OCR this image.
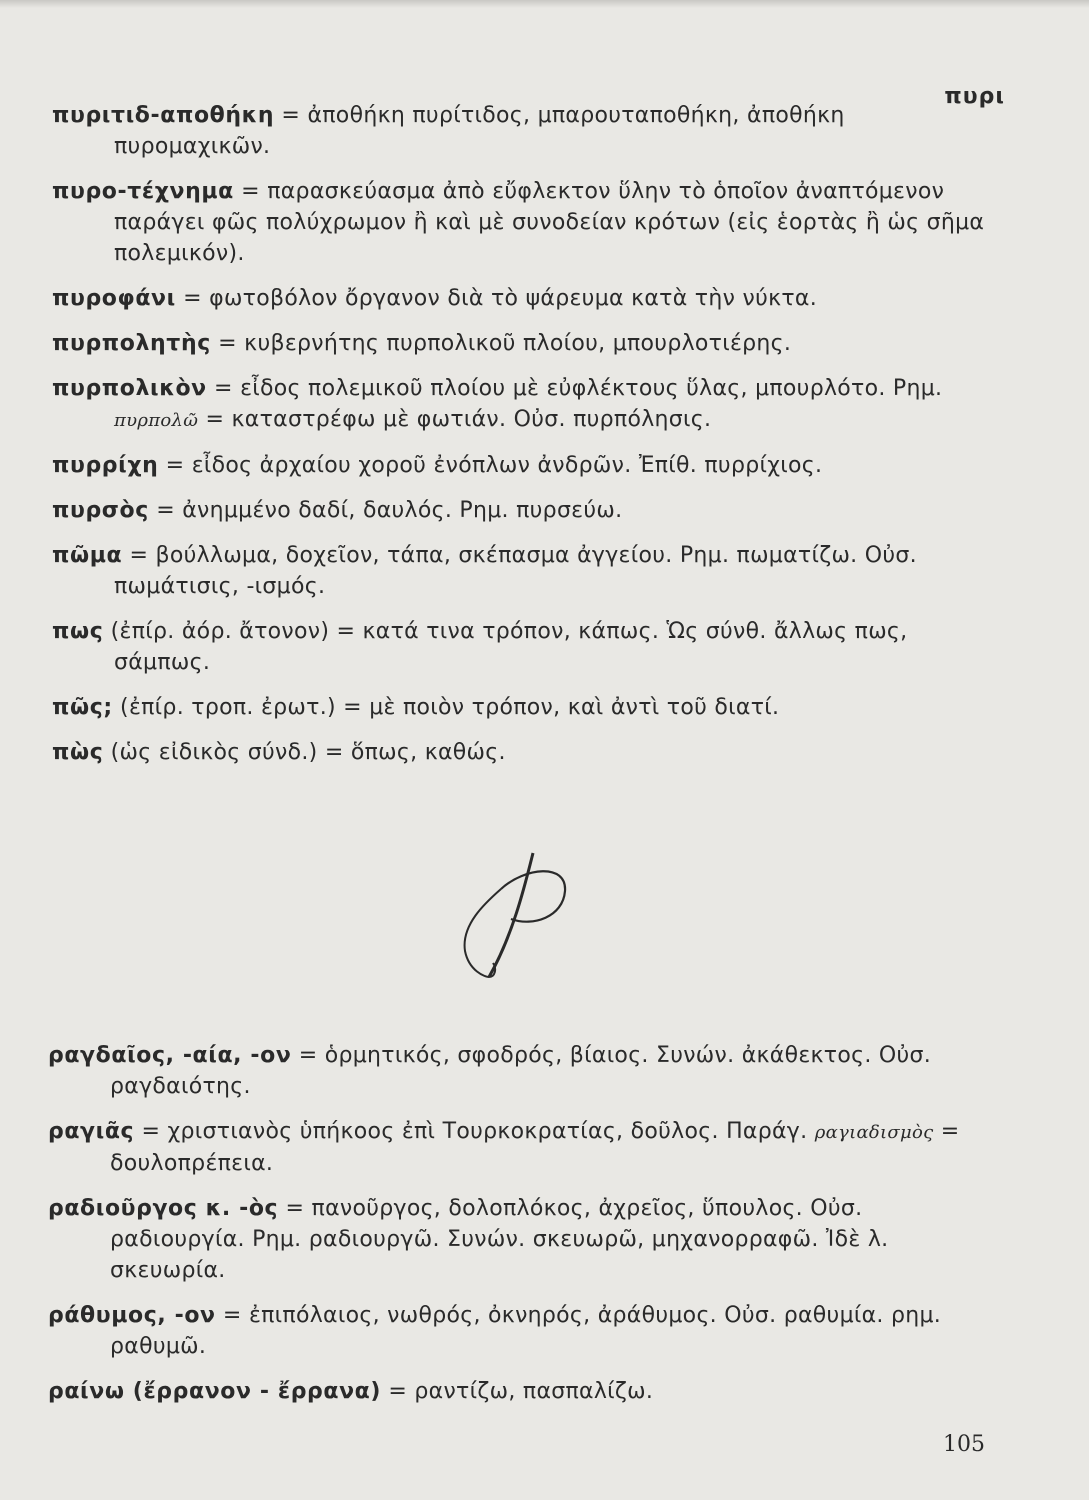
πυρι

πυριτιδ-αποθήκη = ἀποθήκη πυρίτιδος, μπαρουταποθήκη, ἀποθήκη πυρομαχικῶν.

πυρο-τέχνημα = παρασκεύασμα ἀπὸ εὔφλεκτον ὕλην τὸ ὁποῖον ἀναπτόμενον παράγει φῶς πολύχρωμον ἢ καὶ μὲ συνοδείαν κρότων (εἰς ἑορτὰς ἢ ὡς σῆμα πολεμικόν).

πυροφάνι = φωτοβόλον ὄργανον διὰ τὸ ψάρευμα κατὰ τὴν νύκτα.

πυρπολητὴς = κυβερνήτης πυρπολικοῦ πλοίου, μπουρλοτιέρης.

πυρπολικὸν = εἶδος πολεμικοῦ πλοίου μὲ εὐφλέκτους ὕλας, μπουρλότο. Ρημ. πυρπολῶ = καταστρέφω μὲ φωτιάν. Οὐσ. πυρπόλησις.

πυρρίχη = εἶδος ἀρχαίου χοροῦ ἐνόπλων ἀνδρῶν. Ἐπίθ. πυρρίχιος.

πυρσὸς = ἀνημμένο δαδί, δαυλός. Ρημ. πυρσεύω.

πῶμα = βούλλωμα, δοχεῖον, τάπα, σκέπασμα ἀγγείου. Ρημ. πωματίζω. Οὐσ. πωμάτισις, -ισμός.

πως (ἐπίρ. ἀόρ. ἄτονον) = κατά τινα τρόπον, κάπως. Ὡς σύνθ. ἄλλως πως, σάμπως.

πῶς; (ἐπίρ. τροπ. ἐρωτ.) = μὲ ποιὸν τρόπον, καὶ ἀντὶ τοῦ διατί.

πὼς (ὡς εἰδικὸς σύνδ.) = ὅπως, καθώς.

ραγδαῖος, -αία, -ον = ὁρμητικός, σφοδρός, βίαιος. Συνών. ἀκάθεκτος. Οὐσ. ραγδαιότης.

ραγιᾶς = χριστιανὸς ὑπήκοος ἐπὶ Τουρκοκρατίας, δοῦλος. Παράγ. ραγιαδισμὸς = δουλοπρέπεια.

ραδιοῦργος κ. -ὸς = πανοῦργος, δολοπλόκος, ἀχρεῖος, ὕπουλος. Οὐσ. ραδιουργία. Ρημ. ραδιουργῶ. Συνών. σκευωρῶ, μηχανορραφῶ. Ἰδὲ λ. σκευωρία.

ράθυμος, -ον = ἐπιπόλαιος, νωθρός, ὀκνηρός, ἀράθυμος. Οὐσ. ραθυμία. ρημ. ραθυμῶ.

ραίνω (ἔρρανον - ἔρρανα) = ραντίζω, πασπαλίζω.

105
